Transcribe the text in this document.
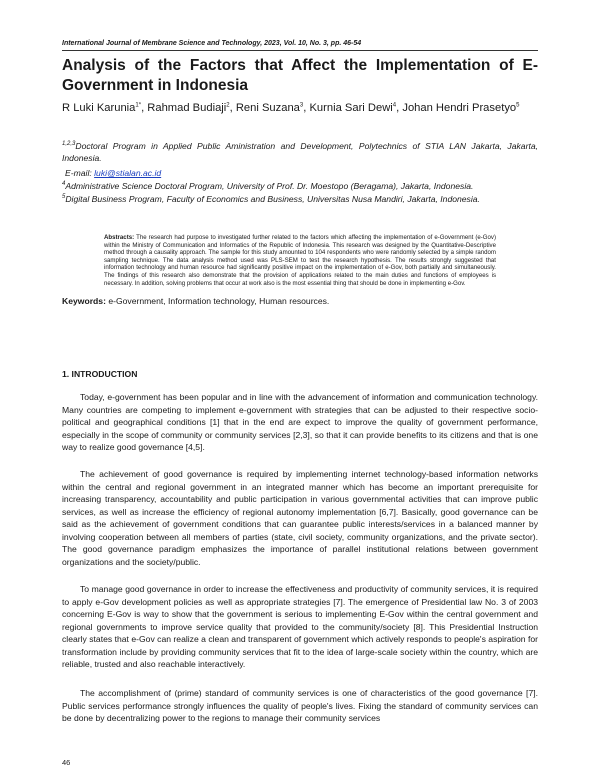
International Journal of Membrane Science and Technology, 2023, Vol. 10, No. 3, pp. 46-54
Analysis of the Factors that Affect the Implementation of E-Government in Indonesia
R Luki Karunia$^{1*}$, Rahmad Budiaji$^2$, Reni Suzana$^3$, Kurnia Sari Dewi$^4$, Johan Hendri Prasetyo$^5$
$^{1,2,3}$Doctoral Program in Applied Public Aministration and Development, Polytechnics of STIA LAN Jakarta, Jakarta, Indonesia.
E-mail: luki@stialan.ac.id
$^4$Administrative Science Doctoral Program, University of Prof. Dr. Moestopo (Beragama), Jakarta, Indonesia.
$^5$Digital Business Program, Faculty of Economics and Business, Universitas Nusa Mandiri, Jakarta, Indonesia.
Abstracts: The research had purpose to investigated further related to the factors which affecting the implementation of e-Government (e-Gov) within the Ministry of Communication and Informatics of the Republic of Indonesia. This research was designed by the Quantitative-Descriptive method through a causality approach. The sample for this study amounted to 104 respondents who were randomly selected by a simple random sampling technique. The data analysis method used was PLS-SEM to test the research hypothesis. The results strongly suggested that information technology and human resource had significantly positive impact on the implementation of e-Gov, both partially and simultaneously. The findings of this research also demonstrate that the provision of applications related to the main duties and functions of employees is necessary. In addition, solving problems that occur at work also is the most essential thing that should be done in implementing e-Gov.
Keywords: e-Government, Information technology, Human resources.
1. INTRODUCTION
Today, e-government has been popular and in line with the advancement of information and communication technology. Many countries are competing to implement e-government with strategies that can be adjusted to their respective socio-political and geographical conditions [1] that in the end are expect to improve the quality of government performance, especially in the scope of community or community services [2,3], so that it can provide benefits to its citizens and that is one way to realize good governance [4,5].
The achievement of good governance is required by implementing internet technology-based information networks within the central and regional government in an integrated manner which has become an important prerequisite for increasing transparency, accountability and public participation in various governmental activities that can improve public services, as well as increase the efficiency of regional autonomy implementation [6,7]. Basically, good governance can be said as the achievement of government conditions that can guarantee public interests/services in a balanced manner by involving cooperation between all members of parties (state, civil society, community organizations, and the private sector). The good governance paradigm emphasizes the importance of parallel institutional relations between government organizations and the society/public.
To manage good governance in order to increase the effectiveness and productivity of community services, it is required to apply e-Gov development policies as well as appropriate strategies [7]. The emergence of Presidential law No. 3 of 2003 concerning E-Gov is way to show that the government is serious to implementing E-Gov within the central government and regional governments to improve service quality that provided to the community/society [8]. This Presidential Instruction clearly states that e-Gov can realize a clean and transparent of government which actively responds to people's aspiration for transformation include by providing community services that fit to the idea of large-scale society within the country, which are reliable, trusted and also reachable interactively.
The accomplishment of (prime) standard of community services is one of characteristics of the good governance [7]. Public services performance strongly influences the quality of people's lives. Fixing the standard of community services can be done by decentralizing power to the regions to manage their community services
46
